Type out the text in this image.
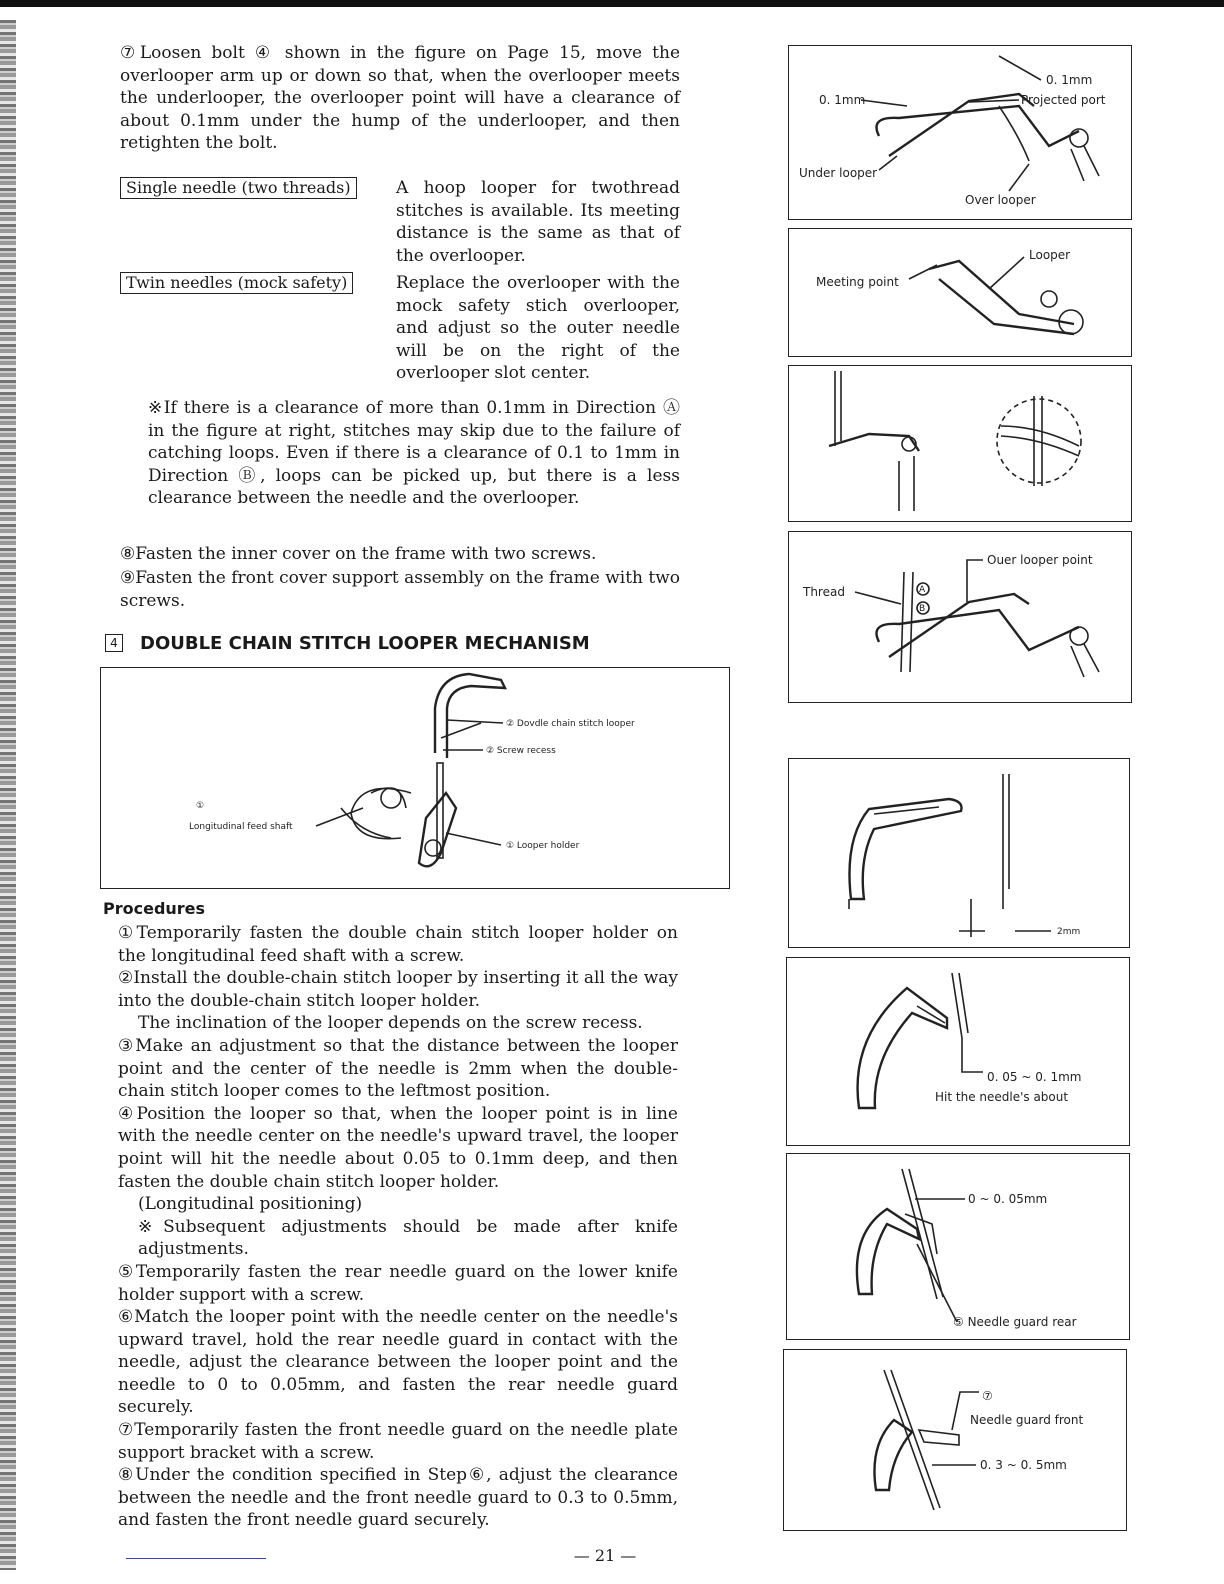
⑦Loosen bolt ④ shown in the figure on Page 15, move the overlooper arm up or down so that, when the overlooper meets the underlooper, the overlooper point will have a clearance of about 0.1mm under the hump of the underlooper, and then retighten the bolt.

Single needle (two threads)	A hoop looper for twothread stitches is available. Its meeting distance is the same as that of the overlooper.

Twin needles (mock safety)	Replace the overlooper with the mock safety stich overlooper, and adjust so the outer needle will be on the right of the overlooper slot center.

※If there is a clearance of more than 0.1mm in Direction Ⓐ in the figure at right, stitches may skip due to the failure of catching loops. Even if there is a clearance of 0.1 to 1mm in Direction Ⓑ, loops can be picked up, but there is a less clearance between the needle and the overlooper.

⑧Fasten the inner cover on the frame with two screws.

⑨Fasten the front cover support assembly on the frame with two screws.

4 DOUBLE CHAIN STITCH LOOPER MECHANISM
② Dovdle chain stitch looper
② Screw recess
①
Longitudinal feed shaft
① Looper holder
Procedures

①Temporarily fasten the double chain stitch looper holder on the longitudinal feed shaft with a screw.

②Install the double-chain stitch looper by inserting it all the way into the double-chain stitch looper holder.

The inclination of the looper depends on the screw recess.

③Make an adjustment so that the distance between the looper point and the center of the needle is 2mm when the double-chain stitch looper comes to the leftmost position.

④Position the looper so that, when the looper point is in line with the needle center on the needle's upward travel, the looper point will hit the needle about 0.05 to 0.1mm deep, and then fasten the double chain stitch looper holder.

(Longitudinal positioning)

※Subsequent adjustments should be made after knife adjustments.

⑤Temporarily fasten the rear needle guard on the lower knife holder support with a screw.

⑥Match the looper point with the needle center on the needle's upward travel, hold the rear needle guard in contact with the needle, adjust the clearance between the looper point and the needle to 0 to 0.05mm, and fasten the rear needle guard securely.

⑦Temporarily fasten the front needle guard on the needle plate support bracket with a screw.

⑧Under the condition specified in Step⑥, adjust the clearance between the needle and the front needle guard to 0.3 to 0.5mm, and fasten the front needle guard securely.

0. 1mm
0. 1mm
Projected port
Under looper
Over looper
Looper
Meeting point
A
B
Ouer looper point
Thread
2mm
0. 05 ~ 0. 1mm
Hit the needle's about
0 ~ 0. 05mm
⑤ Needle guard rear
⑦
Needle guard front
0. 3 ~ 0. 5mm
— 21 —
